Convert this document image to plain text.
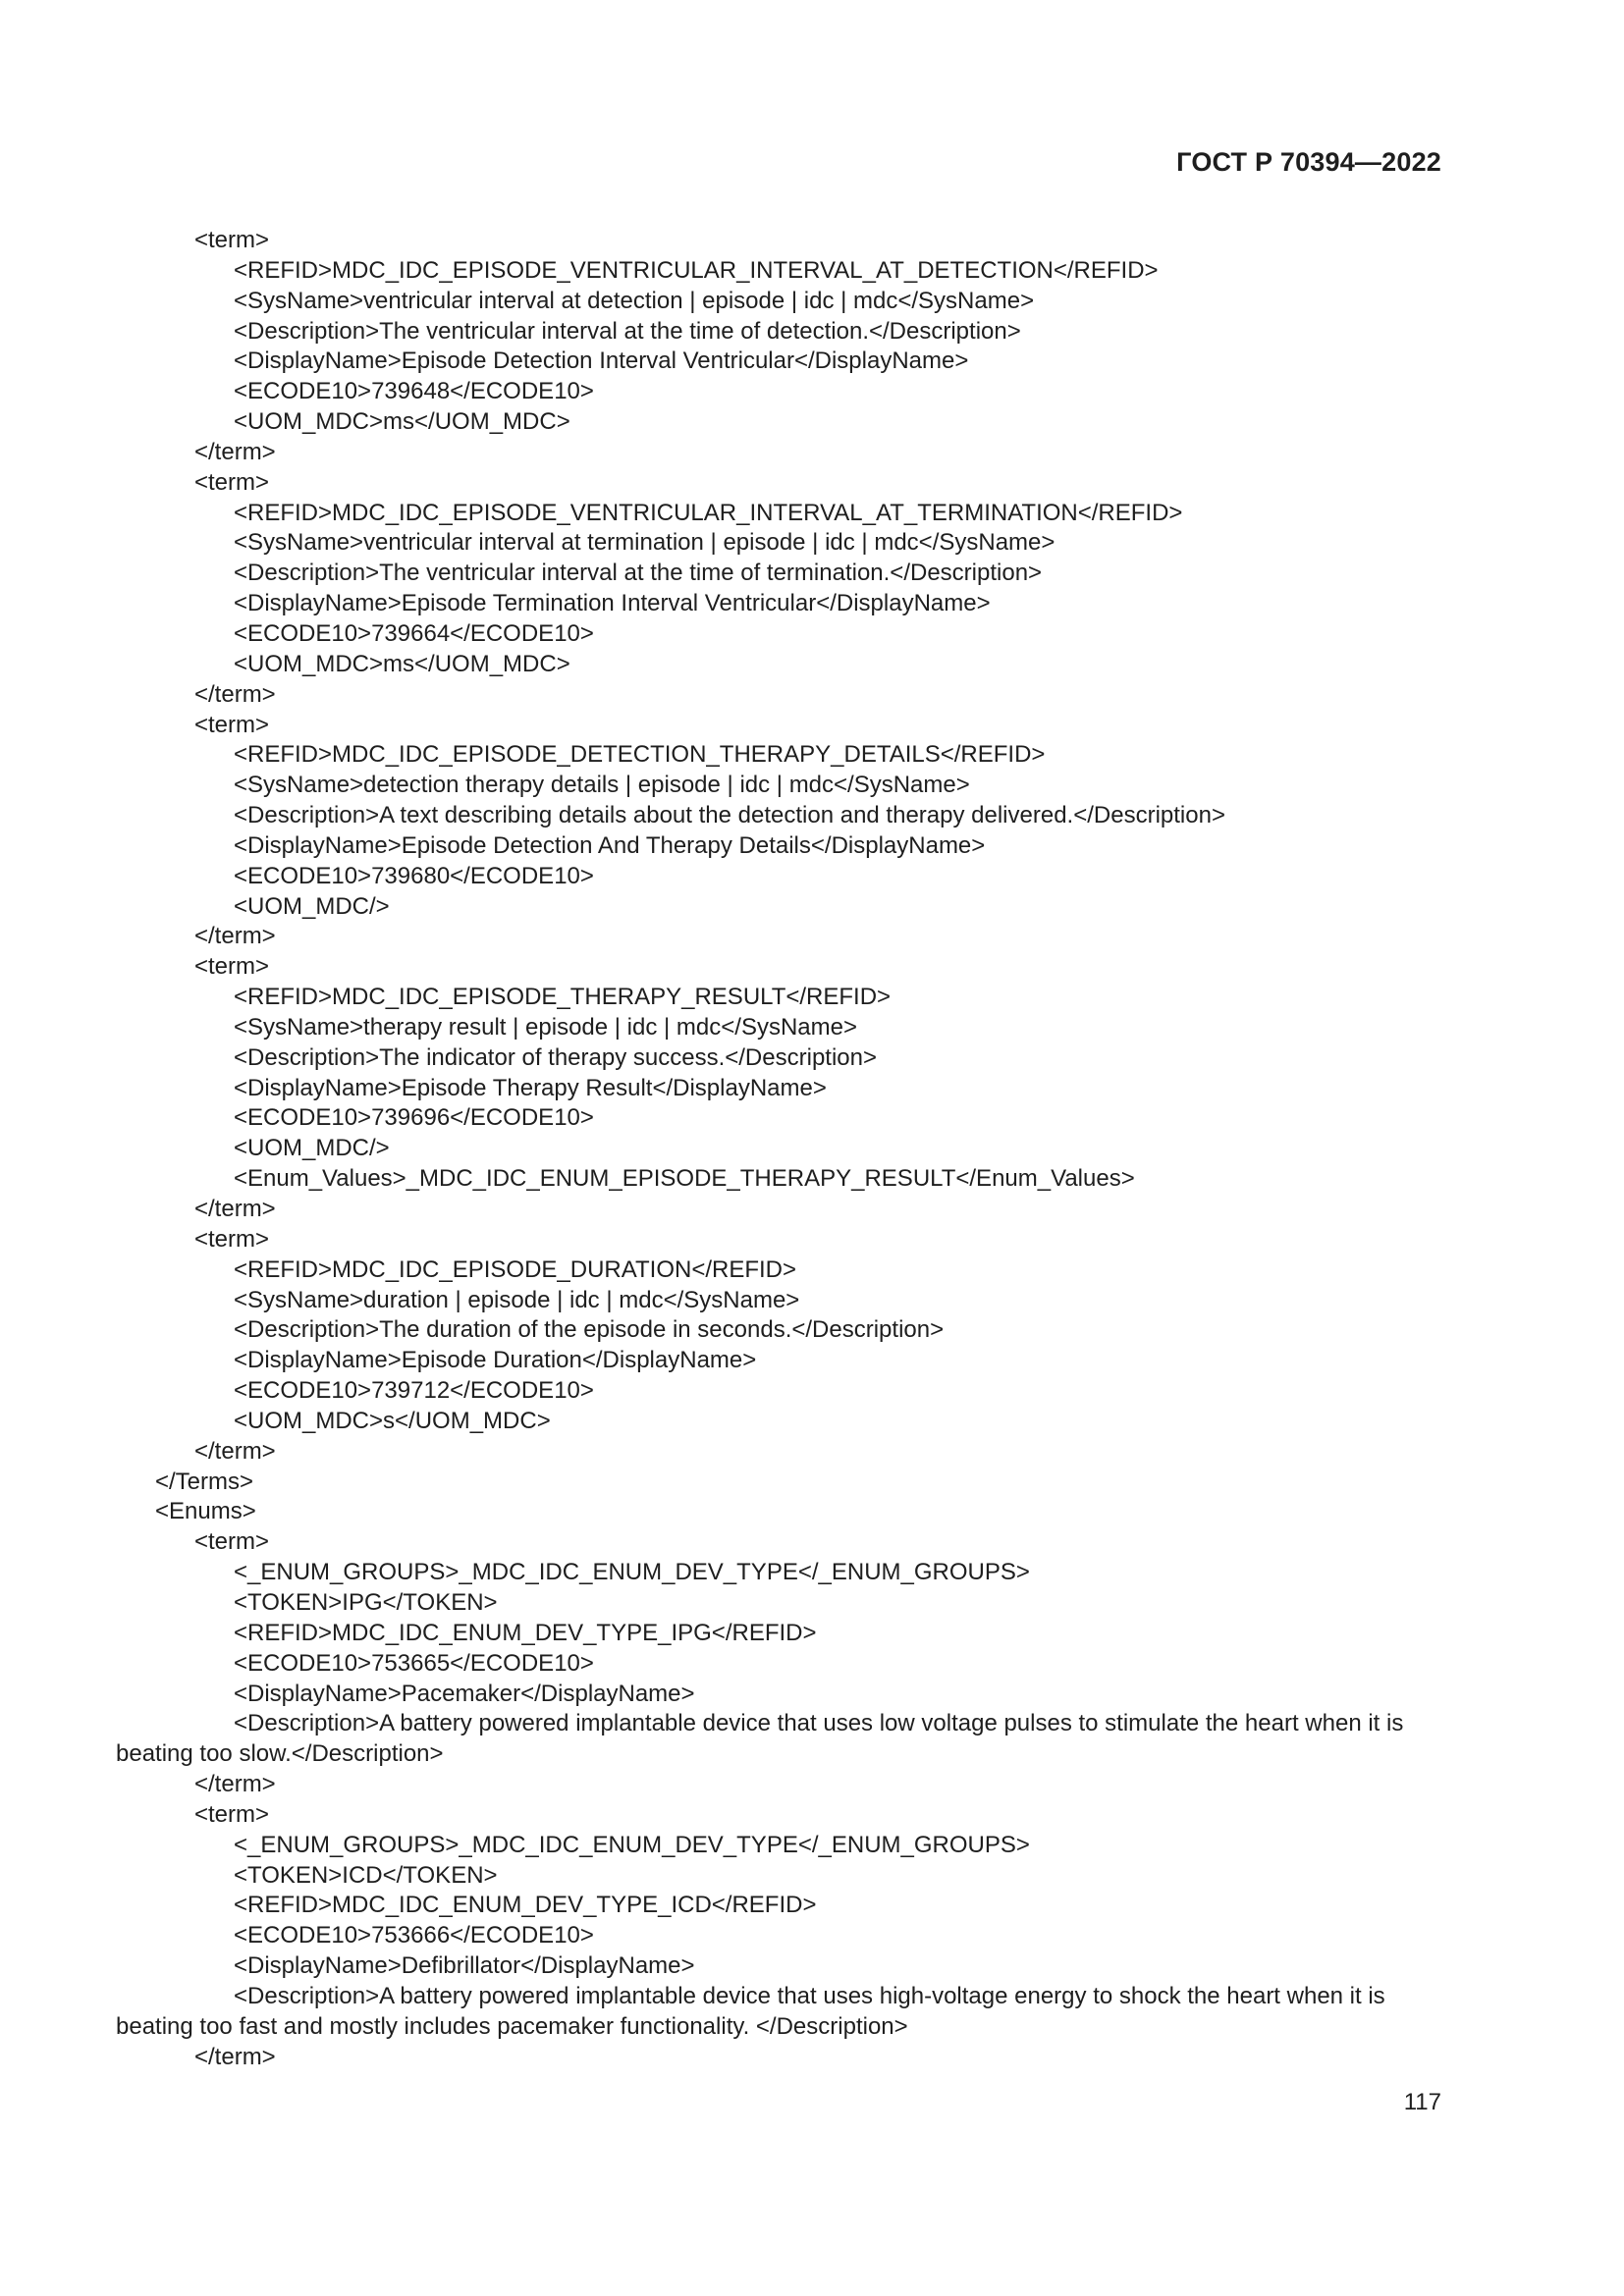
ГОСТ Р 70394—2022
<term>
<REFID>MDC_IDC_EPISODE_VENTRICULAR_INTERVAL_AT_DETECTION</REFID>
<SysName>ventricular interval at detection | episode | idc | mdc</SysName>
<Description>The ventricular interval at the time of detection.</Description>
<DisplayName>Episode Detection Interval Ventricular</DisplayName>
<ECODE10>739648</ECODE10>
<UOM_MDC>ms</UOM_MDC>
</term>
<term>
<REFID>MDC_IDC_EPISODE_VENTRICULAR_INTERVAL_AT_TERMINATION</REFID>
<SysName>ventricular interval at termination | episode | idc | mdc</SysName>
<Description>The ventricular interval at the time of termination.</Description>
<DisplayName>Episode Termination Interval Ventricular</DisplayName>
<ECODE10>739664</ECODE10>
<UOM_MDC>ms</UOM_MDC>
</term>
<term>
<REFID>MDC_IDC_EPISODE_DETECTION_THERAPY_DETAILS</REFID>
<SysName>detection therapy details | episode | idc | mdc</SysName>
<Description>A text describing details about the detection and therapy delivered.</Description>
<DisplayName>Episode Detection And Therapy Details</DisplayName>
<ECODE10>739680</ECODE10>
<UOM_MDC/>
</term>
<term>
<REFID>MDC_IDC_EPISODE_THERAPY_RESULT</REFID>
<SysName>therapy result | episode | idc | mdc</SysName>
<Description>The indicator of therapy success.</Description>
<DisplayName>Episode Therapy Result</DisplayName>
<ECODE10>739696</ECODE10>
<UOM_MDC/>
<Enum_Values>_MDC_IDC_ENUM_EPISODE_THERAPY_RESULT</Enum_Values>
</term>
<term>
<REFID>MDC_IDC_EPISODE_DURATION</REFID>
<SysName>duration | episode | idc | mdc</SysName>
<Description>The duration of the episode in seconds.</Description>
<DisplayName>Episode Duration</DisplayName>
<ECODE10>739712</ECODE10>
<UOM_MDC>s</UOM_MDC>
</term>
</Terms>
<Enums>
<term>
<_ENUM_GROUPS>_MDC_IDC_ENUM_DEV_TYPE</_ENUM_GROUPS>
<TOKEN>IPG</TOKEN>
<REFID>MDC_IDC_ENUM_DEV_TYPE_IPG</REFID>
<ECODE10>753665</ECODE10>
<DisplayName>Pacemaker</DisplayName>
<Description>A battery powered implantable device that uses low voltage pulses to stimulate the heart when it is beating too slow.</Description>
</term>
<term>
<_ENUM_GROUPS>_MDC_IDC_ENUM_DEV_TYPE</_ENUM_GROUPS>
<TOKEN>ICD</TOKEN>
<REFID>MDC_IDC_ENUM_DEV_TYPE_ICD</REFID>
<ECODE10>753666</ECODE10>
<DisplayName>Defibrillator</DisplayName>
<Description>A battery powered implantable device that uses high-voltage energy to shock the heart when it is beating too fast and mostly includes pacemaker functionality. </Description>
</term>
117
